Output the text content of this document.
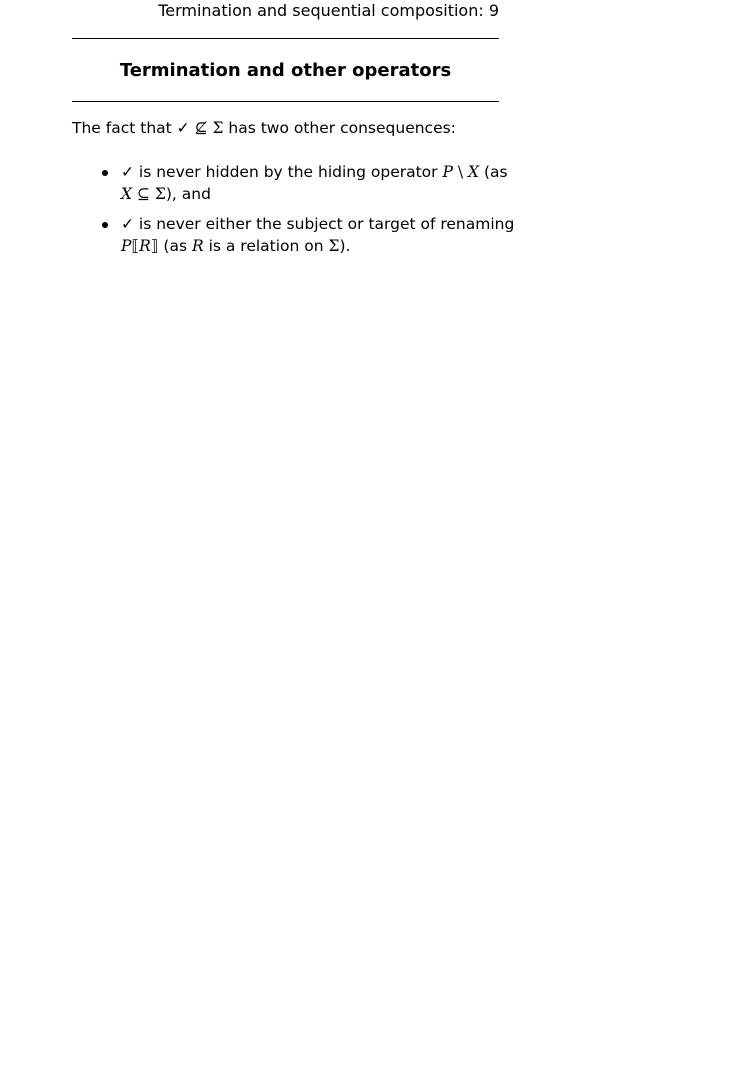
Termination and sequential composition: 9
Termination and other operators
The fact that ✓ ⊈ Σ has two other consequences:
✓ is never hidden by the hiding operator P \ X (as
X ⊆ Σ), and
✓ is never either the subject or target of renaming
P⟦R⟧ (as R is a relation on Σ).
